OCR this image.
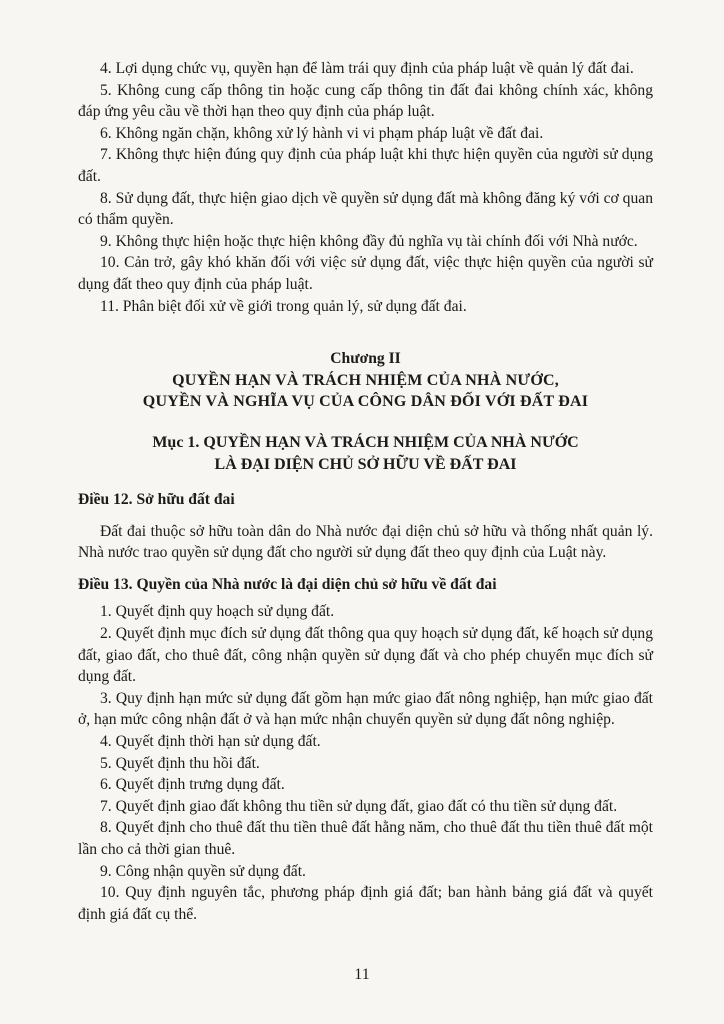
4. Lợi dụng chức vụ, quyền hạn để làm trái quy định của pháp luật về quản lý đất đai.

5. Không cung cấp thông tin hoặc cung cấp thông tin đất đai không chính xác, không đáp ứng yêu cầu về thời hạn theo quy định của pháp luật.

6. Không ngăn chặn, không xử lý hành vi vi phạm pháp luật về đất đai.

7. Không thực hiện đúng quy định của pháp luật khi thực hiện quyền của người sử dụng đất.

8. Sử dụng đất, thực hiện giao dịch về quyền sử dụng đất mà không đăng ký với cơ quan có thẩm quyền.

9. Không thực hiện hoặc thực hiện không đầy đủ nghĩa vụ tài chính đối với Nhà nước.

10. Cản trở, gây khó khăn đối với việc sử dụng đất, việc thực hiện quyền của người sử dụng đất theo quy định của pháp luật.

11. Phân biệt đối xử về giới trong quản lý, sử dụng đất đai.

Chương II

QUYỀN HẠN VÀ TRÁCH NHIỆM CỦA NHÀ NƯỚC,

QUYỀN VÀ NGHĨA VỤ CỦA CÔNG DÂN ĐỐI VỚI ĐẤT ĐAI

Mục 1. QUYỀN HẠN VÀ TRÁCH NHIỆM CỦA NHÀ NƯỚC

LÀ ĐẠI DIỆN CHỦ SỞ HỮU VỀ ĐẤT ĐAI

Điều 12. Sở hữu đất đai

Đất đai thuộc sở hữu toàn dân do Nhà nước đại diện chủ sở hữu và thống nhất quản lý. Nhà nước trao quyền sử dụng đất cho người sử dụng đất theo quy định của Luật này.

Điều 13. Quyền của Nhà nước là đại diện chủ sở hữu về đất đai

1. Quyết định quy hoạch sử dụng đất.

2. Quyết định mục đích sử dụng đất thông qua quy hoạch sử dụng đất, kế hoạch sử dụng đất, giao đất, cho thuê đất, công nhận quyền sử dụng đất và cho phép chuyển mục đích sử dụng đất.

3. Quy định hạn mức sử dụng đất gồm hạn mức giao đất nông nghiệp, hạn mức giao đất ở, hạn mức công nhận đất ở và hạn mức nhận chuyển quyền sử dụng đất nông nghiệp.

4. Quyết định thời hạn sử dụng đất.

5. Quyết định thu hồi đất.

6. Quyết định trưng dụng đất.

7. Quyết định giao đất không thu tiền sử dụng đất, giao đất có thu tiền sử dụng đất.

8. Quyết định cho thuê đất thu tiền thuê đất hằng năm, cho thuê đất thu tiền thuê đất một lần cho cả thời gian thuê.

9. Công nhận quyền sử dụng đất.

10. Quy định nguyên tắc, phương pháp định giá đất; ban hành bảng giá đất và quyết định giá đất cụ thể.

11
